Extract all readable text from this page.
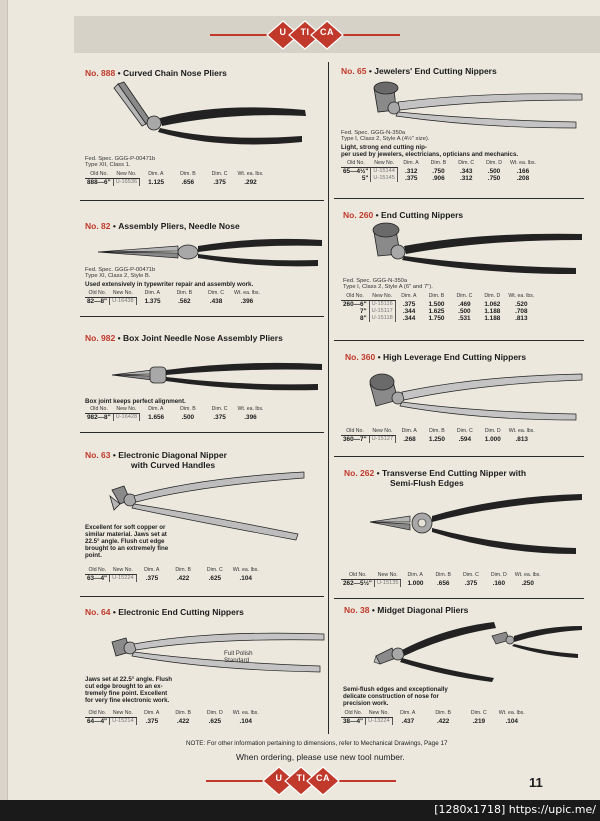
U	TI	CA
No. 888 • Curved Chain Nose Pliers
Fed. Spec. GGG-P-00471b
Type XII, Class 1.
Old No.	New No.	Dim. A	Dim. B	Dim. C	Wt. ea. lbs.
888—6"	U-16536	1.125	.656	.375	.292
No. 82 • Assembly Pliers, Needle Nose
Fed. Spec. GGG-P-00471b
Type XI, Class 2, Style B.
Used extensively in typewriter repair and assembly work.
Old No.	New No.	Dim. A	Dim. B	Dim. C	Wt. ea. lbs.
82—8"	U-16438	1.375	.562	.438	.396
No. 982 • Box Joint Needle Nose Assembly Pliers
Box joint keeps perfect alignment.
Old No.	New No.	Dim. A	Dim. B	Dim. C	Wt. ea. lbs.
982—8"	U-16428	1.656	.500	.375	.396
No. 63 • Electronic Diagonal Nipper
with Curved Handles
Excellent for soft copper or
similar material. Jaws set at
22.5° angle. Flush cut edge
brought to an extremely fine
point.
Old No.	New No.	Dim. A	Dim. B	Dim. C	Wt. ea. lbs.
63—4"	U-15224	.375	.422	.625	.104
No. 64 • Electronic End Cutting Nippers
Full Polish
Standard
Jaws set at 22.5° angle. Flush
cut edge brought to an ex-
tremely fine point. Excellent
for very fine electronic work.
Old No.	New No.	Dim. A	Dim. B	Dim. D	Wt. ea. lbs.
64—4"	U-15214	.375	.422	.625	.104
No. 65 • Jewelers' End Cutting Nippers
Fed. Spec. GGG-N-350a
Type I, Class 2, Style A (4½" size).
Light, strong end cutting nip-
per used by jewelers, electricians, opticians and mechanics.
Old No.	New No.	Dim. A	Dim. B	Dim. C	Dim. D	Wt. ea. lbs.
65—4½"	U-15144	.312	.750	.343	.500	.166
5"	U-15145	.375	.906	.312	.750	.208
No. 260 • End Cutting Nippers
Fed. Spec. GGG-N-350a
Type I, Class 2, Style A (6" and 7").
Old No.	New No.	Dim. A	Dim. B	Dim. C	Dim. D	Wt. ea. lbs.
260—6"	U-15116	.375	1.500	.469	1.062	.520
7"	U-15117	.344	1.625	.500	1.188	.708
8"	U-15118	.344	1.750	.531	1.188	.813
No. 360 • High Leverage End Cutting Nippers
Old No.	New No.	Dim. A	Dim. B	Dim. C	Dim. D	Wt. ea. lbs.
360—7"	U-15127	.268	1.250	.594	1.000	.813
No. 262 • Transverse End Cutting Nipper with
Semi-Flush Edges
Old No.	New No.	Dim. A	Dim. B	Dim. C	Dim. D	Wt. ea. lbs.
262—5½"	U-15135	1.000	.656	.375	.160	.250
No. 38 • Midget Diagonal Pliers
Semi-flush edges and exceptionally
delicate construction of nose for
precision work.
Old No.	New No.	Dim. A	Dim. B	Dim. C	Wt. ea. lbs.
38—4"	U-13224	.437	.422	.219	.104
NOTE: For other information pertaining to dimensions, refer to Mechanical Drawings, Page 17
When ordering, please use new tool number.
U	TI	CA	11
[1280x1718] https://upic.me/
